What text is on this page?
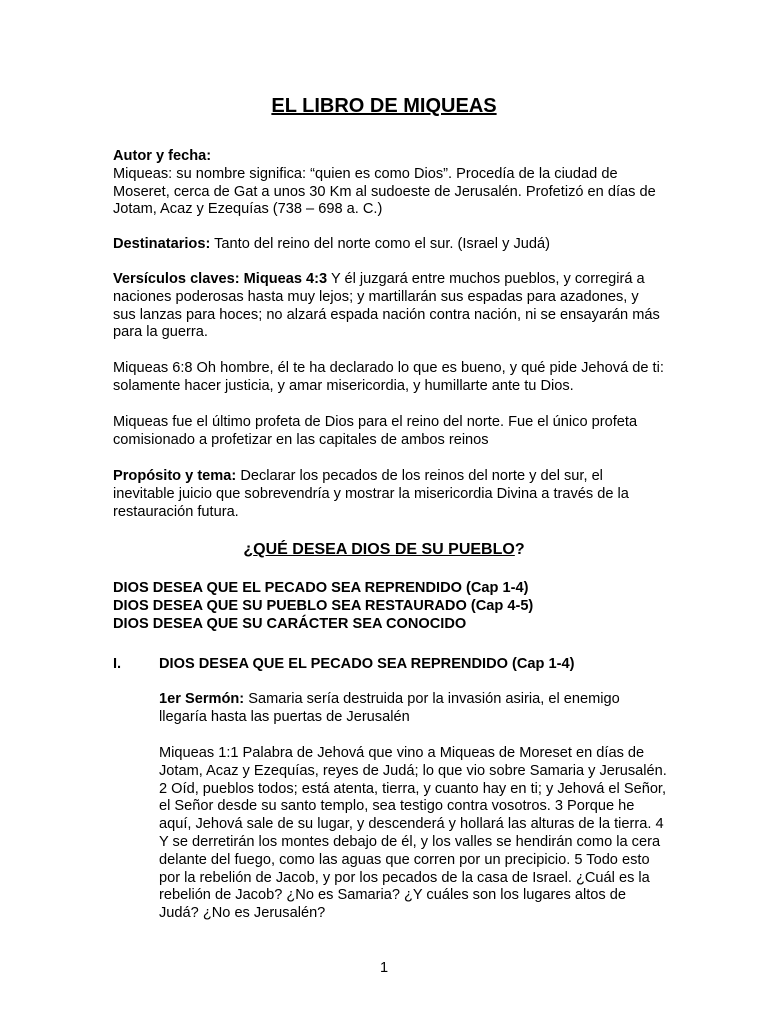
EL LIBRO DE MIQUEAS
Autor y fecha:
Miqueas: su nombre significa: “quien es como Dios”. Procedía de la ciudad de Moseret, cerca de Gat a unos 30 Km al sudoeste de Jerusalén. Profetizó en días de Jotam, Acaz y Ezequías (738 – 698 a. C.)
Destinatarios: Tanto del reino del norte como el sur. (Israel y Judá)
Versículos claves: Miqueas 4:3 Y él juzgará entre muchos pueblos, y corregirá a naciones poderosas hasta muy lejos; y martillarán sus espadas para azadones, y sus lanzas para hoces; no alzará espada nación contra nación, ni se ensayarán más para la guerra.
Miqueas 6:8 Oh hombre, él te ha declarado lo que es bueno, y qué pide Jehová de ti: solamente hacer justicia, y amar misericordia, y humillarte ante tu Dios.
Miqueas fue el último profeta de Dios para el reino del norte. Fue el único profeta comisionado a profetizar en las capitales de ambos reinos
Propósito y tema: Declarar los pecados de los reinos del norte y del sur, el inevitable juicio que sobrevendría y mostrar la misericordia Divina a través de la restauración futura.
¿QUÉ DESEA DIOS DE SU PUEBLO?
DIOS DESEA QUE EL PECADO SEA REPRENDIDO (Cap 1-4)
DIOS DESEA QUE SU PUEBLO SEA RESTAURADO (Cap 4-5)
DIOS DESEA QUE SU CARÁCTER SEA CONOCIDO
I.	DIOS DESEA QUE EL PECADO SEA REPRENDIDO (Cap 1-4)
1er Sermón: Samaria sería destruida por la invasión asiria, el enemigo llegaría hasta las puertas de Jerusalén
Miqueas 1:1 Palabra de Jehová que vino a Miqueas de Moreset en días de Jotam, Acaz y Ezequías, reyes de Judá; lo que vio sobre Samaria y Jerusalén. 2 Oíd, pueblos todos; está atenta, tierra, y cuanto hay en ti; y Jehová el Señor, el Señor desde su santo templo, sea testigo contra vosotros. 3 Porque he aquí, Jehová sale de su lugar, y descenderá y hollará las alturas de la tierra. 4 Y se derretirán los montes debajo de él, y los valles se hendirán como la cera delante del fuego, como las aguas que corren por un precipicio. 5 Todo esto por la rebelión de Jacob, y por los pecados de la casa de Israel. ¿Cuál es la rebelión de Jacob? ¿No es Samaria? ¿Y cuáles son los lugares altos de Judá? ¿No es Jerusalén?
1
